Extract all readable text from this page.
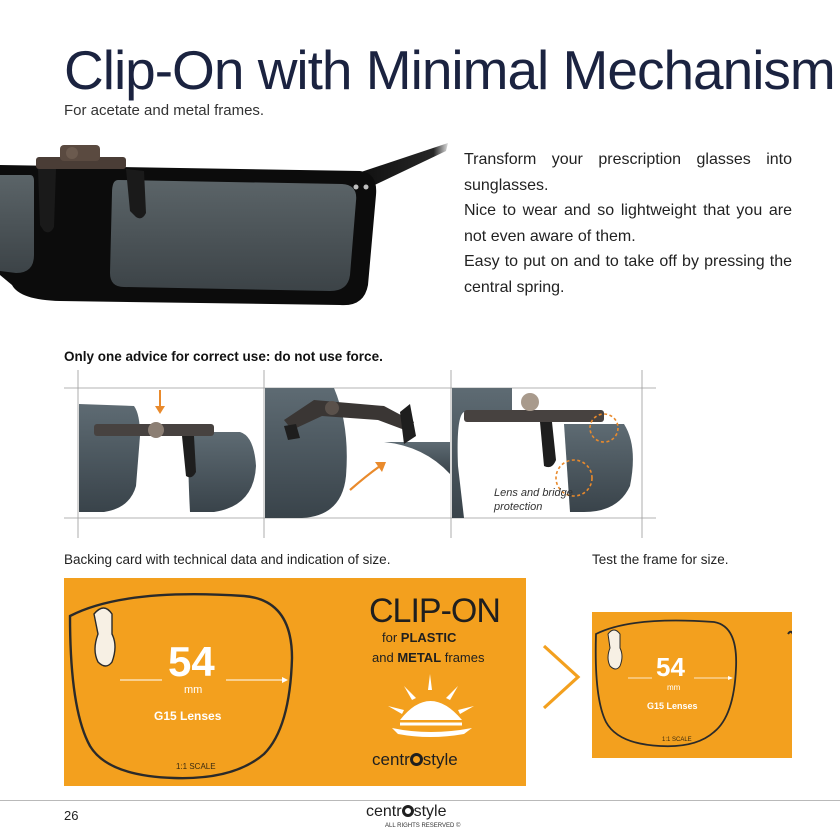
Clip-On with Minimal Mechanism
For acetate and metal frames.

Transform your prescription glasses into sunglasses.

Nice to wear and so lightweight that you are not even aware of them.

Easy to put on and to take off by pressing the central spring.

Only one advice for correct use: do not use force.
Lens and bridge
protection
Backing card with technical data and indication of size.	Test the frame for size.
54
mm
G15 Lenses
1:1 SCALE
CLIP-ON
for PLASTIC
and METAL frames
centr style
54
mm
G15 Lenses
1:1 SCALE
26	centr style
ALL RIGHTS RESERVED ©
